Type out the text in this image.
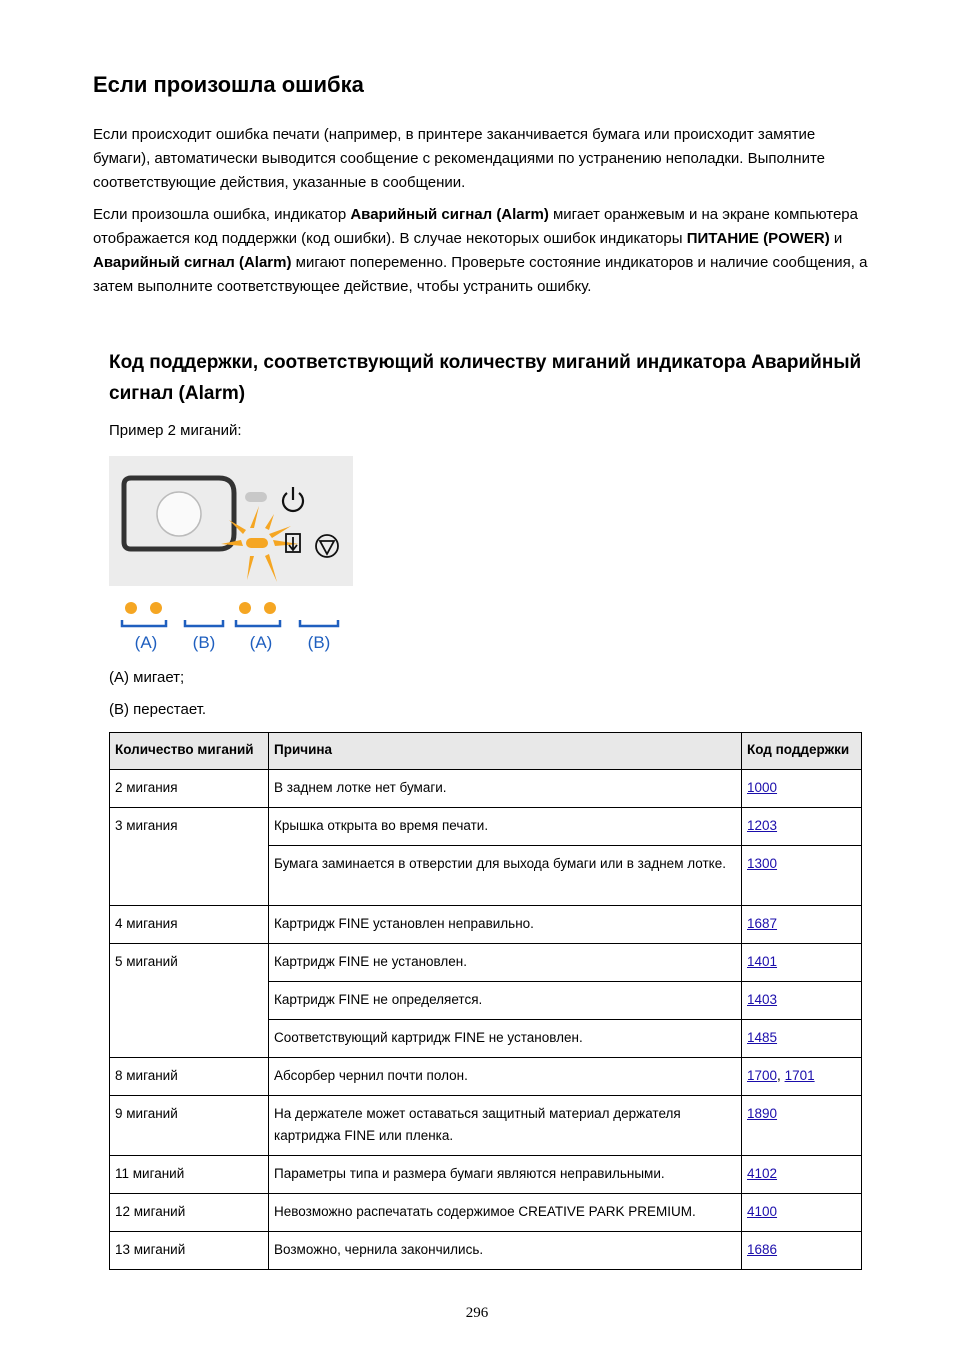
Если произошла ошибка

Если происходит ошибка печати (например, в принтере заканчивается бумага или происходит замятие бумаги), автоматически выводится сообщение с рекомендациями по устранению неполадки. Выполните соответствующие действия, указанные в сообщении.

Если произошла ошибка, индикатор Аварийный сигнал (Alarm) мигает оранжевым и на экране компьютера отображается код поддержки (код ошибки). В случае некоторых ошибок индикаторы ПИТАНИЕ (POWER) и Аварийный сигнал (Alarm) мигают попеременно. Проверьте состояние индикаторов и наличие сообщения, а затем выполните соответствующее действие, чтобы устранить ошибку.

Код поддержки, соответствующий количеству миганий индикатора Аварийный сигнал (Alarm)

Пример 2 миганий:

(A) (B) (A) (B)

(A) мигает;

(B) перестает.

Количество миганий	Причина	Код поддержки
2 мигания	В заднем лотке нет бумаги.	1000
3 мигания	Крышка открыта во время печати.	1203
	Бумага заминается в отверстии для выхода бумаги или в заднем лотке.	1300
4 мигания	Картридж FINE установлен неправильно.	1687
5 миганий	Картридж FINE не установлен.	1401
	Картридж FINE не определяется.	1403
	Соответствующий картридж FINE не установлен.	1485
8 миганий	Абсорбер чернил почти полон.	1700, 1701
9 миганий	На держателе может оставаться защитный материал держателя картриджа FINE или пленка.	1890
11 миганий	Параметры типа и размера бумаги являются неправильными.	4102
12 миганий	Невозможно распечатать содержимое CREATIVE PARK PREMIUM.	4100
13 миганий	Возможно, чернила закончились.	1686
296
